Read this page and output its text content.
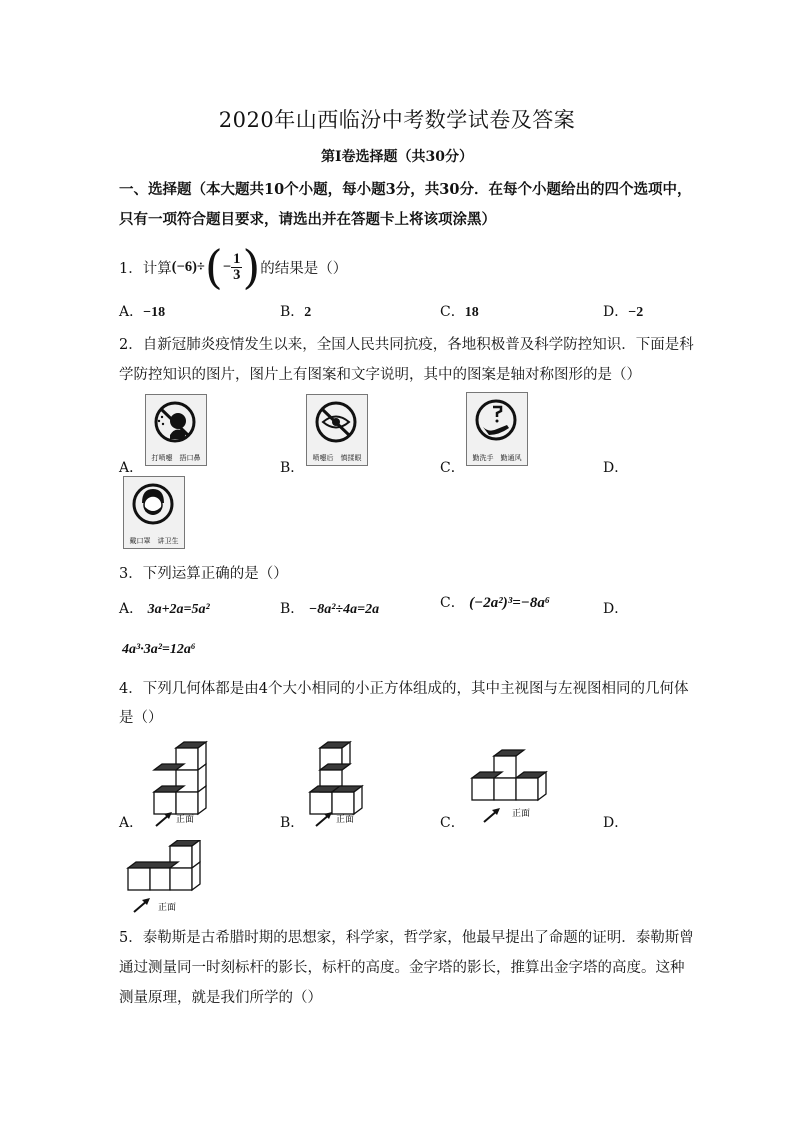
2020年山西临汾中考数学试卷及答案
第Ⅰ卷选择题（共30分）
一、选择题（本大题共10个小题，每小题3分，共30分．在每个小题给出的四个选项中，
只有一项符合题目要求，请选出并在答题卡上将该项涂黑）
1．计算 (−6)÷ ( − $\frac{1}{3}$ ) 的结果是（）
A．−18	B．2	C．18	D．−2
2．自新冠肺炎疫情发生以来，全国人民共同抗疫，各地积极普及科学防控知识．下面是科
学防控知识的图片，图片上有图案和文字说明，其中的图案是轴对称图形的是（）
A．
打喷嚏　捂口鼻
B．
喷嚏后　慎揉眼
C．
勤洗手　勤通风
D．
戴口罩　讲卫生
3．下列运算正确的是（）
A． 3a+2a=5a²	B． −8a²÷4a=2a	C． (−2a²)³=−8a⁶	D．
4a³·3a²=12a⁶
4．下列几何体都是由4个大小相同的小正方体组成的，其中主视图与左视图相同的几何体
是（）
A．	正面	B．	正面	C．
正面
D．
正面
5．泰勒斯是古希腊时期的思想家，科学家，哲学家，他最早提出了命题的证明．泰勒斯曾
通过测量同一时刻标杆的影长，标杆的高度。金字塔的影长，推算出金字塔的高度。这种
测量原理，就是我们所学的（）
